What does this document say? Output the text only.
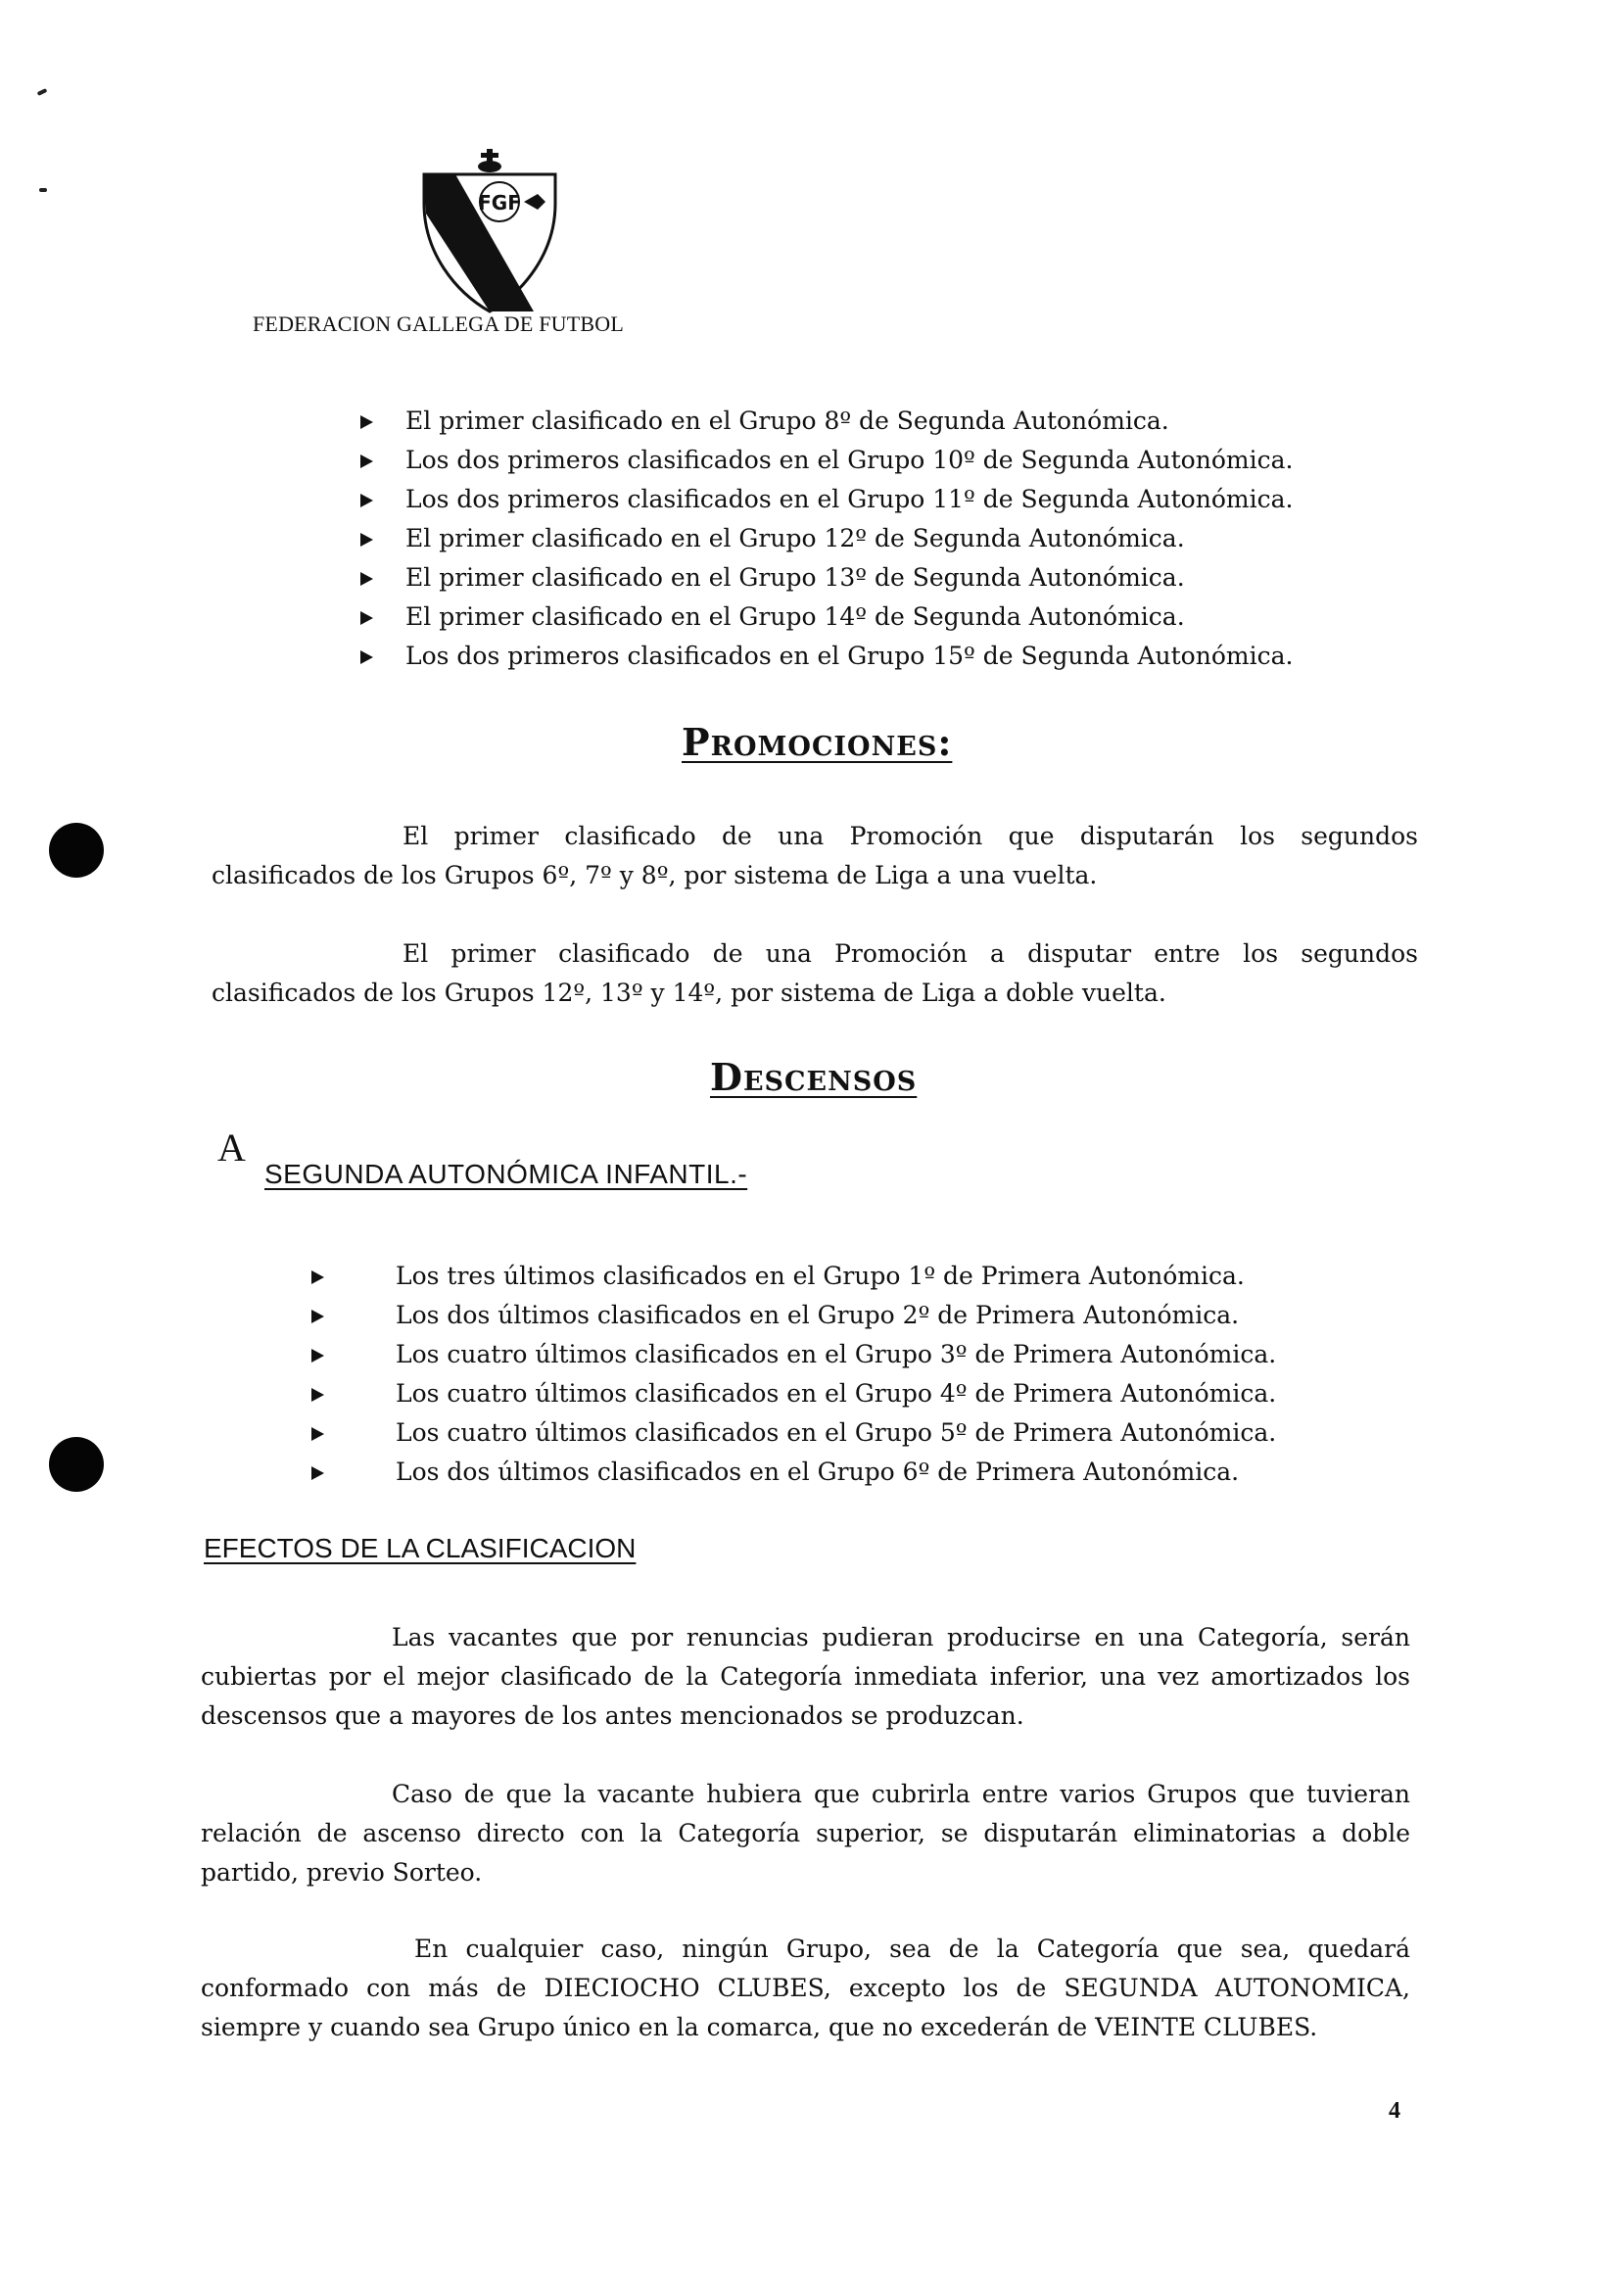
FGF
FEDERACION GALLEGA DE FUTBOL
El primer clasificado en el Grupo 8º de Segunda Autonómica.
Los dos primeros clasificados en el Grupo 10º de Segunda Autonómica.
Los dos primeros clasificados en el Grupo 11º de Segunda Autonómica.
El primer clasificado en el Grupo 12º de Segunda Autonómica.
El primer clasificado en el Grupo 13º de Segunda Autonómica.
El primer clasificado en el Grupo 14º de Segunda Autonómica.
Los dos primeros clasificados en el Grupo 15º de Segunda Autonómica.
Promociones:
El primer clasificado de una Promoción que disputarán los segundos
clasificados de los Grupos 6º, 7º y 8º, por sistema de Liga a una vuelta.
El primer clasificado de una Promoción a disputar entre los segundos
clasificados de los Grupos 12º, 13º y 14º, por sistema de Liga a doble vuelta.
Descensos
A
SEGUNDA AUTONÓMICA INFANTIL.-
Los tres últimos clasificados en el Grupo 1º de Primera Autonómica.
Los dos últimos clasificados en el Grupo 2º de Primera Autonómica.
Los cuatro últimos clasificados en el Grupo 3º de Primera Autonómica.
Los cuatro últimos clasificados en el Grupo 4º de Primera Autonómica.
Los cuatro últimos clasificados en el Grupo 5º de Primera Autonómica.
Los dos últimos clasificados en el Grupo 6º de Primera Autonómica.
EFECTOS DE LA CLASIFICACION
Las vacantes que por renuncias pudieran producirse en una Categoría, serán
cubiertas por el mejor clasificado de la Categoría inmediata inferior, una vez amortizados los
descensos que a mayores de los antes mencionados se produzcan.
Caso de que la vacante hubiera que cubrirla entre varios Grupos que tuvieran
relación de ascenso directo con la Categoría superior, se disputarán eliminatorias a doble
partido, previo Sorteo.
En cualquier caso, ningún Grupo, sea de la Categoría que sea, quedará
conformado con más de DIECIOCHO CLUBES, excepto los de SEGUNDA AUTONOMICA,
siempre y cuando sea Grupo único en la comarca, que no excederán de VEINTE CLUBES.
4
